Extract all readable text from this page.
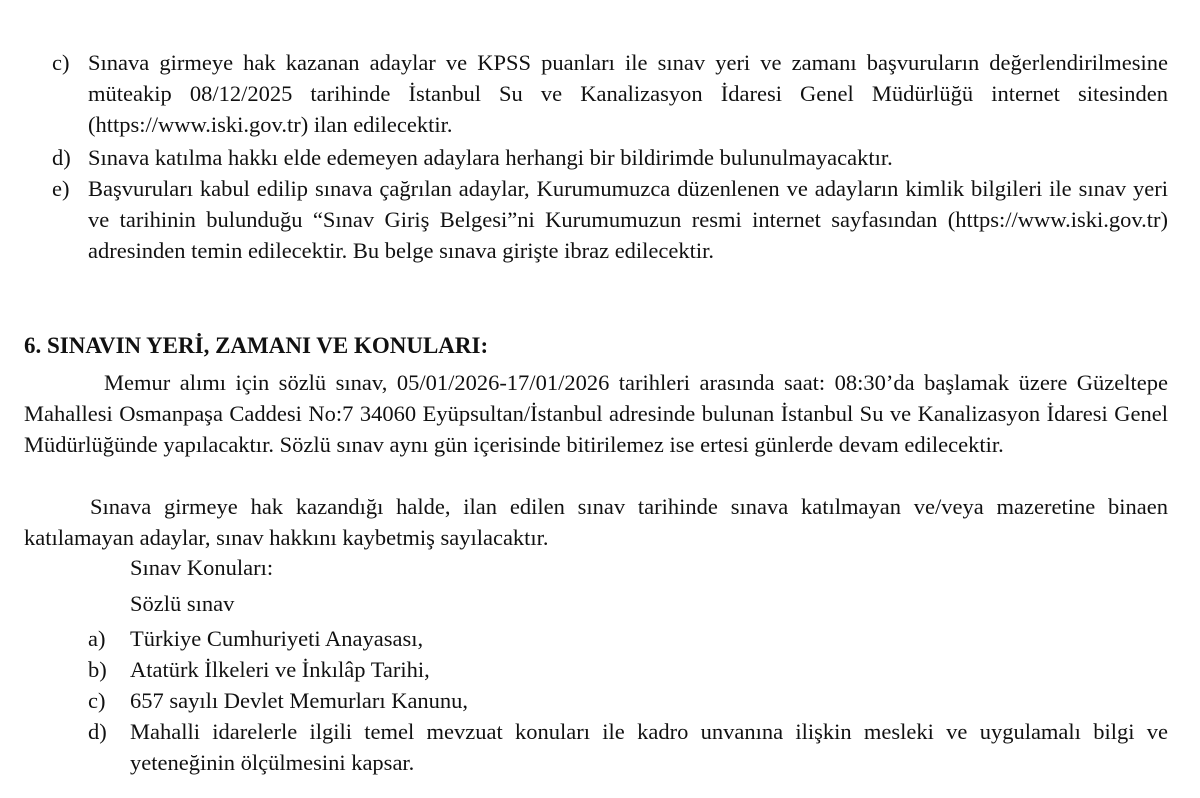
c) Sınava girmeye hak kazanan adaylar ve KPSS puanları ile sınav yeri ve zamanı başvuruların değerlendirilmesine müteakip 08/12/2025 tarihinde İstanbul Su ve Kanalizasyon İdaresi Genel Müdürlüğü internet sitesinden (https://www.iski.gov.tr) ilan edilecektir.
d) Sınava katılma hakkı elde edemeyen adaylara herhangi bir bildirimde bulunulmayacaktır.
e) Başvuruları kabul edilip sınava çağrılan adaylar, Kurumumuzca düzenlenen ve adayların kimlik bilgileri ile sınav yeri ve tarihinin bulunduğu “Sınav Giriş Belgesi”ni Kurumumuzun resmi internet sayfasından (https://www.iski.gov.tr) adresinden temin edilecektir. Bu belge sınava girişte ibraz edilecektir.
6. SINAVIN YERİ, ZAMANI VE KONULARI:
Memur alımı için sözlü sınav, 05/01/2026-17/01/2026 tarihleri arasında saat: 08:30’da başlamak üzere Güzeltepe Mahallesi Osmanpaşa Caddesi No:7 34060 Eyüpsultan/İstanbul adresinde bulunan İstanbul Su ve Kanalizasyon İdaresi Genel Müdürlüğünde yapılacaktır. Sözlü sınav aynı gün içerisinde bitirilemez ise ertesi günlerde devam edilecektir.
Sınava girmeye hak kazandığı halde, ilan edilen sınav tarihinde sınava katılmayan ve/veya mazeretine binaen katılamayan adaylar, sınav hakkını kaybetmiş sayılacaktır.
Sınav Konuları:
Sözlü sınav
a)	Türkiye Cumhuriyeti Anayasası,
b)	Atatürk İlkeleri ve İnkılâp Tarihi,
c)	657 sayılı Devlet Memurları Kanunu,
d)	Mahalli idarelerle ilgili temel mevzuat konuları ile kadro unvanına ilişkin mesleki ve uygulamalı bilgi ve yeteneğinin ölçülmesini kapsar.
